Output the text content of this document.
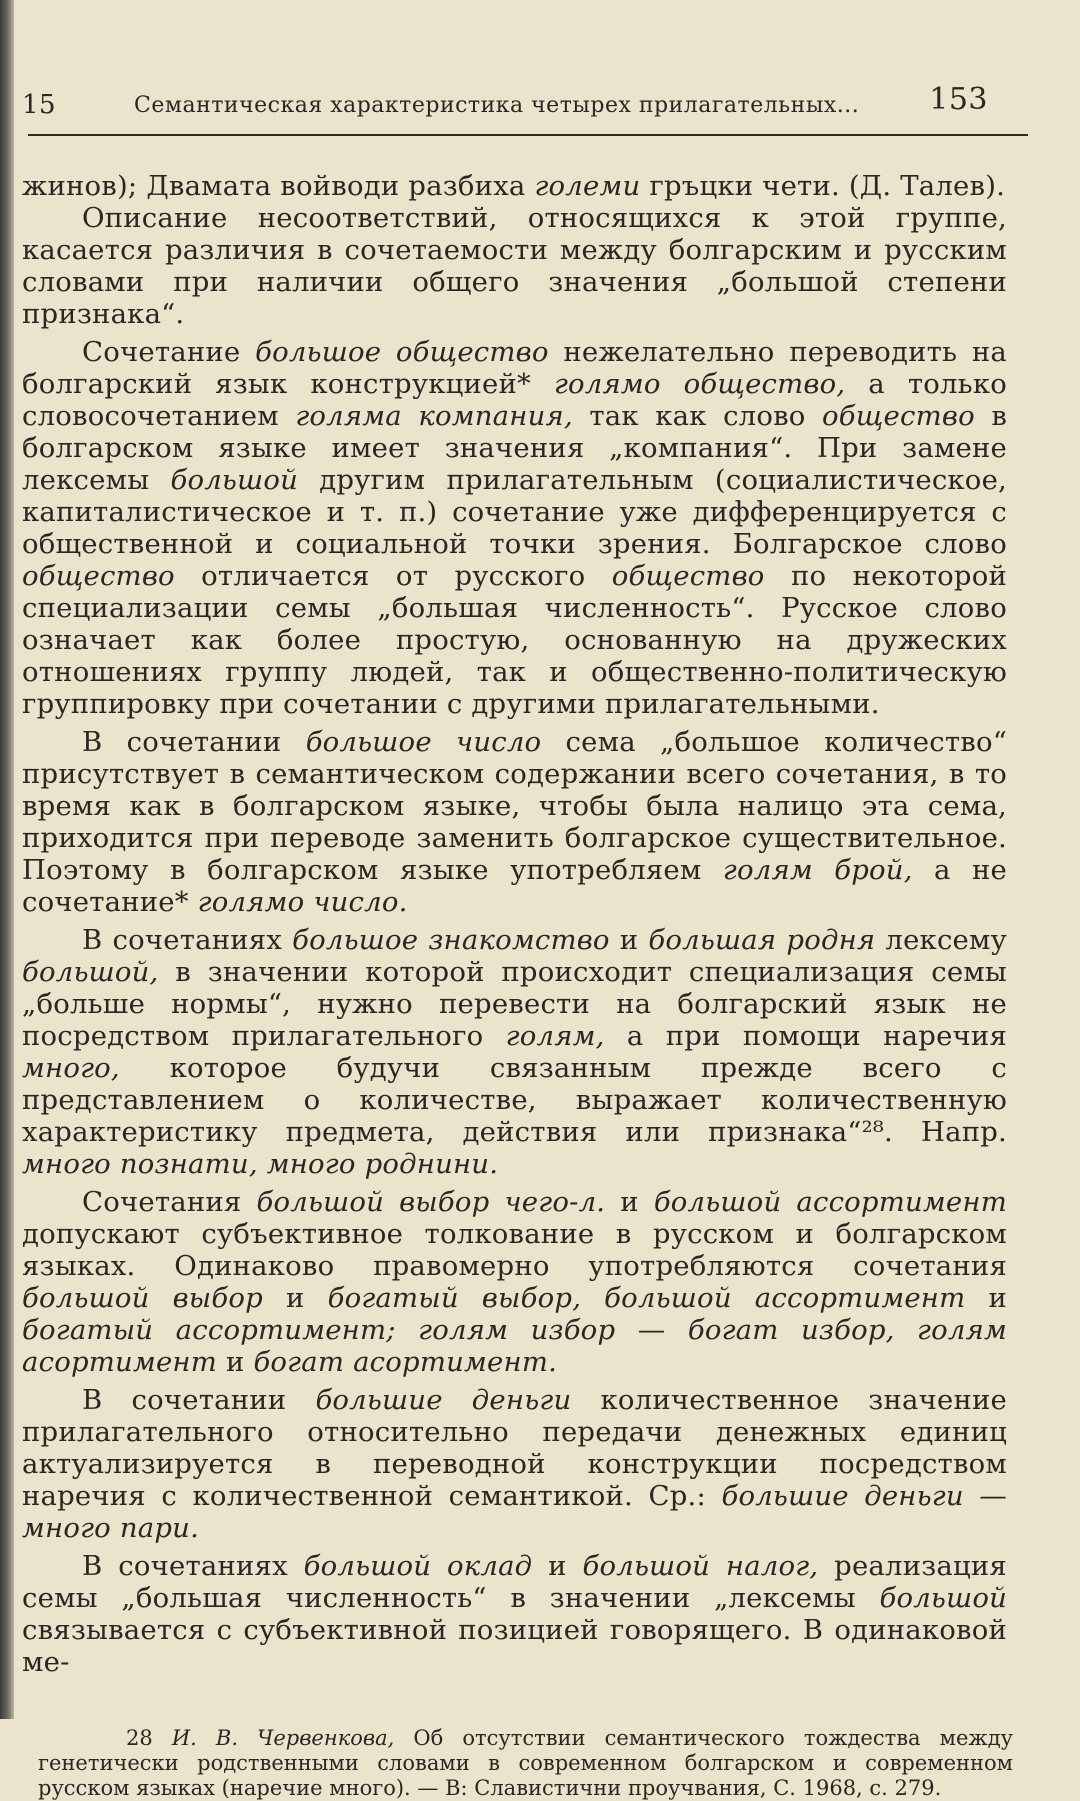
15	Семантическая характеристика четырех прилагательных... 153

жинов); Двамата войводи разбиха голeми гръцки чети. (Д. Талев).

Описание несоответствий, относящихся к этой группе, касается различия в сочетаемости между болгарским и русским словами при наличии общего значения „большой степени признака“.

Сочетание большое общество нежелательно переводить на болгарский язык конструкцией* голямо общество, а только словосочетанием голяма компания, так как слово общество в болгарском языке имеет значения „компания“. При замене лексемы большой другим прилагательным (социалистическое, капиталистическое и т. п.) сочетание уже дифференцируется с общественной и социальной точки зрения. Болгарское слово общество отличается от русского общество по некоторой специализации семы „большая численность“. Русское слово означает как более простую, основанную на дружеских отношениях группу людей, так и общественно-политическую группировку при сочетании с другими прилагательными.

В сочетании большое число сема „большое количество“ присутствует в семантическом содержании всего сочетания, в то время как в болгарском языке, чтобы была налицо эта сема, приходится при переводе заменить болгарское существительное. Поэтому в болгарском языке употребляем голям брой, а не сочетание* голямо число.

В сочетаниях большое знакомство и большая родня лексему большой, в значении которой происходит специализация семы „больше нормы“, нужно перевести на болгарский язык не посредством прилагательного голям, а при помощи наречия много, которое будучи связанным прежде всего с представлением о количестве, выражает количественную характеристику предмета, действия или признака“²⁸. Напр. много познати, много роднини.

Сочетания большой выбор чего-л. и большой ассортимент допускают субъективное толкование в русском и болгарском языках. Одинаково правомерно употребляются сочетания большой выбор и богатый выбор, большой ассортимент и богатый ассортимент; голям избор — богат избор, голям асортимент и богат асортимент.

В сочетании большие деньги количественное значение прилагательного относительно передачи денежных единиц актуализируется в переводной конструкции посредством наречия с количественной семантикой. Ср.: большие деньги — много пари.

В сочетаниях большой оклад и большой налог, реализация семы „большая численность“ в значении „лексемы большой связывается с субъективной позицией говорящего. В одинаковой ме-

28 И. В. Червенкова, Об отсутствии семантического тождества между генетически родственными словами в современном болгарском и современном русском языках (наречие много). — В: Славистични проучвания, С. 1968, с. 279.
